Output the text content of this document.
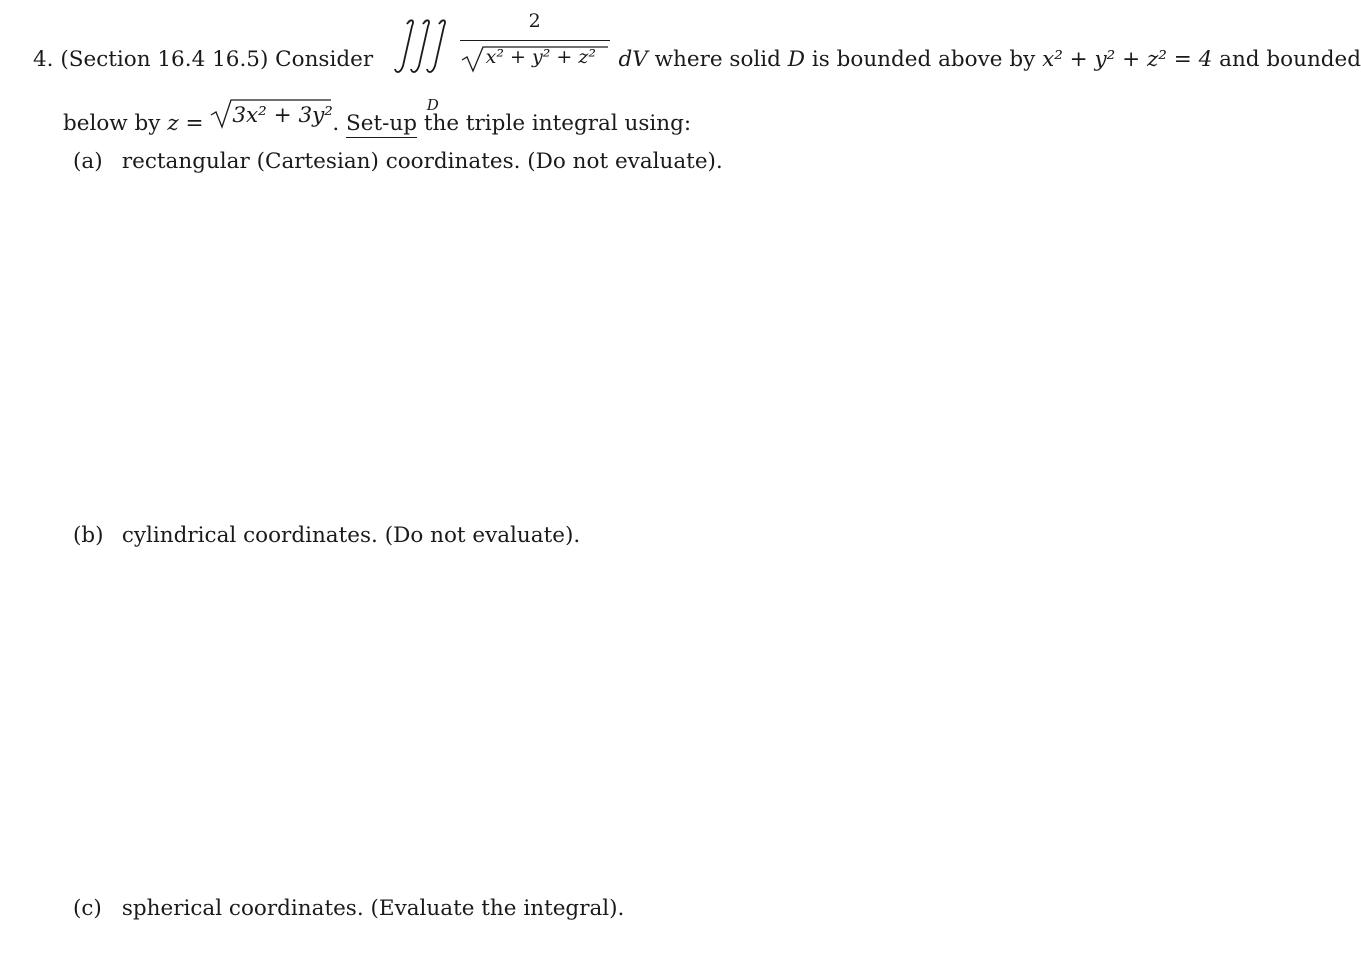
4. (Section 16.4 16.5) Consider
D

$\frac{2}{\text{x² + y² + z²}}$ dV where solid D is bounded above by x² + y² + z² = 4 and bounded
below by z = 3x² + 3y² . Set-up the triple integral using:
(a) rectangular (Cartesian) coordinates. (Do not evaluate).
(b) cylindrical coordinates. (Do not evaluate).
(c) spherical coordinates. (Evaluate the integral).
